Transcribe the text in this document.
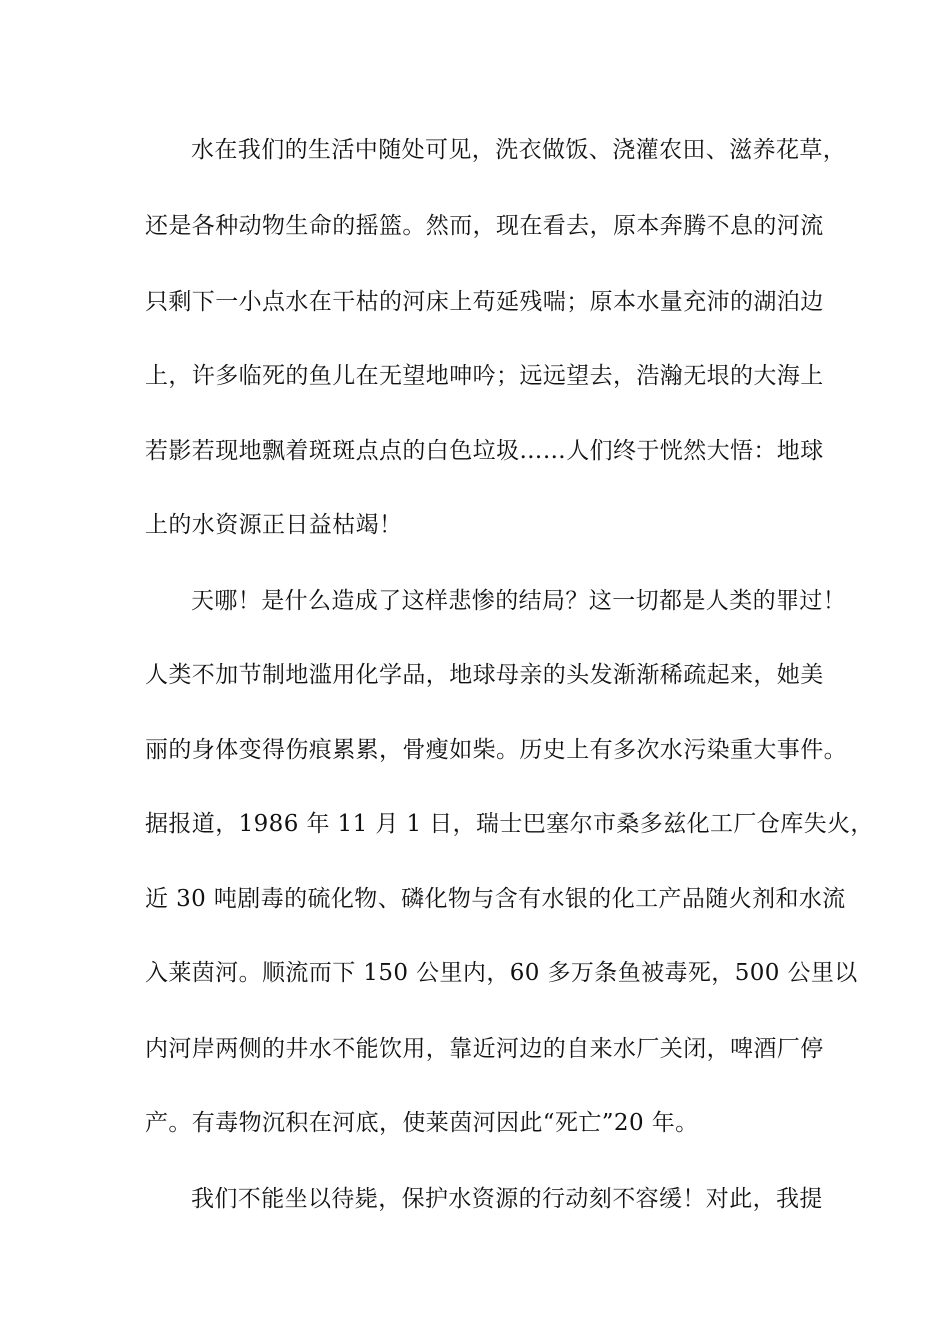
水在我们的生活中随处可见，洗衣做饭、浇灌农田、滋养花草，
还是各种动物生命的摇篮。然而，现在看去，原本奔腾不息的河流
只剩下一小点水在干枯的河床上苟延残喘；原本水量充沛的湖泊边
上，许多临死的鱼儿在无望地呻吟；远远望去，浩瀚无垠的大海上
若影若现地飘着斑斑点点的白色垃圾……人们终于恍然大悟：地球
上的水资源正日益枯竭！
天哪！是什么造成了这样悲惨的结局？这一切都是人类的罪过！
人类不加节制地滥用化学品，地球母亲的头发渐渐稀疏起来，她美
丽的身体变得伤痕累累，骨瘦如柴。历史上有多次水污染重大事件。
据报道，1986 年 11 月 1 日，瑞士巴塞尔市桑多兹化工厂仓库失火，
近 30 吨剧毒的硫化物、磷化物与含有水银的化工产品随火剂和水流
入莱茵河。顺流而下 150 公里内，60 多万条鱼被毒死，500 公里以
内河岸两侧的井水不能饮用，靠近河边的自来水厂关闭，啤酒厂停
产。有毒物沉积在河底，使莱茵河因此“死亡”20 年。
我们不能坐以待毙，保护水资源的行动刻不容缓！对此，我提
